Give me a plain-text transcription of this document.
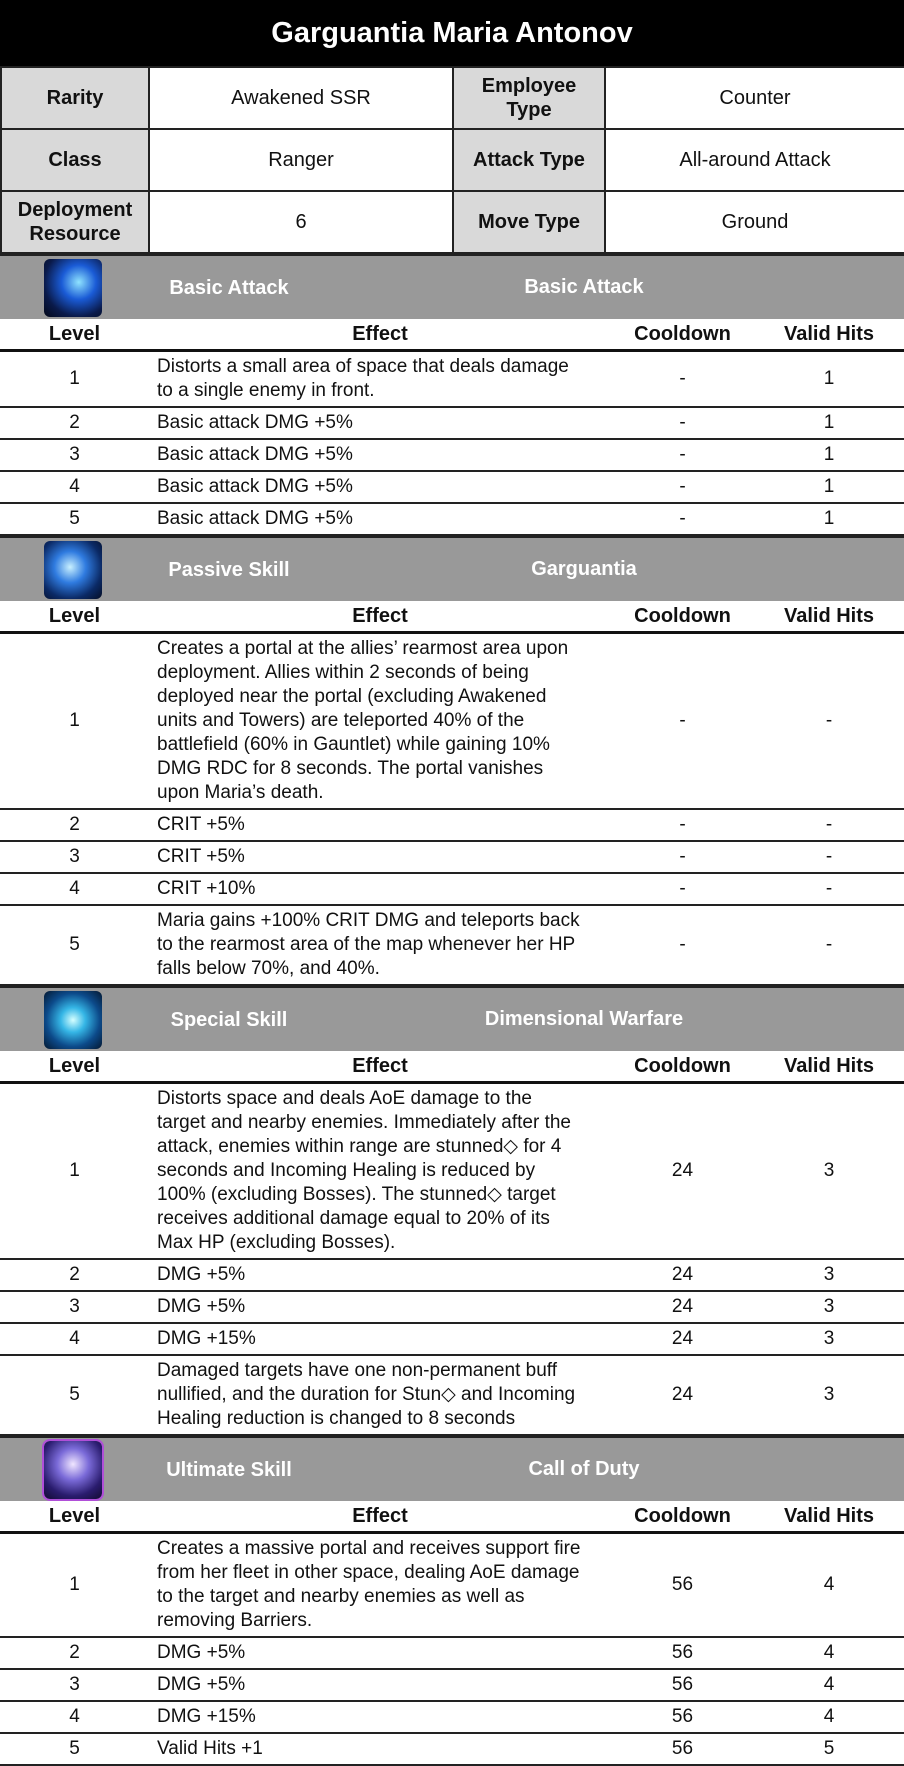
Garguantia Maria Antonov
Rarity	Awakened SSR	Employee Type	Counter
Class	Ranger	Attack Type	All-around Attack
Deployment Resource	6	Move Type	Ground
Basic Attack	Basic Attack
Level	Effect	Cooldown	Valid Hits
1	Distorts a small area of space that deals damage to a single enemy in front.	-	1
2	Basic attack DMG +5%	-	1
3	Basic attack DMG +5%	-	1
4	Basic attack DMG +5%	-	1
5	Basic attack DMG +5%	-	1
Passive Skill	Garguantia
Level	Effect	Cooldown	Valid Hits
1	Creates a portal at the allies’ rearmost area upon deployment. Allies within 2 seconds of being deployed near the portal (excluding Awakened units and Towers) are teleported 40% of the battlefield (60% in Gauntlet) while gaining 10% DMG RDC for 8 seconds. The portal vanishes upon Maria’s death.	-	-
2	CRIT +5%	-	-
3	CRIT +5%	-	-
4	CRIT +10%	-	-
5	Maria gains +100% CRIT DMG and teleports back to the rearmost area of the map whenever her HP falls below 70%, and 40%.	-	-
Special Skill	Dimensional Warfare
Level	Effect	Cooldown	Valid Hits
1	Distorts space and deals AoE damage to the target and nearby enemies. Immediately after the attack, enemies within range are stunned◇ for 4 seconds and Incoming Healing is reduced by 100% (excluding Bosses). The stunned◇ target receives additional damage equal to 20% of its Max HP (excluding Bosses).	24	3
2	DMG +5%	24	3
3	DMG +5%	24	3
4	DMG +15%	24	3
5	Damaged targets have one non-permanent buff nullified, and the duration for Stun◇ and Incoming Healing reduction is changed to 8 seconds	24	3
Ultimate Skill	Call of Duty
Level	Effect	Cooldown	Valid Hits
1	Creates a massive portal and receives support fire from her fleet in other space, dealing AoE damage to the target and nearby enemies as well as removing Barriers.	56	4
2	DMG +5%	56	4
3	DMG +5%	56	4
4	DMG +15%	56	4
5	Valid Hits +1	56	5
